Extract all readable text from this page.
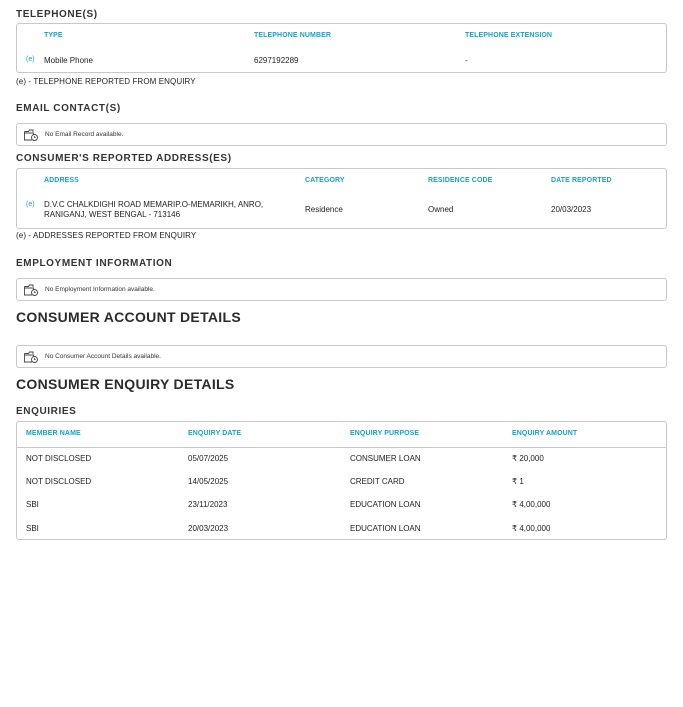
TELEPHONE(S)
TYPE	TELEPHONE NUMBER	TELEPHONE EXTENSION
(e) Mobile Phone	6297192289	-
(e) - TELEPHONE REPORTED FROM ENQUIRY
EMAIL CONTACT(S)
No Email Record available.
CONSUMER'S REPORTED ADDRESS(ES)
ADDRESS	CATEGORY	RESIDENCE CODE	DATE REPORTED
(e) D.V.C CHALKDIGHI ROAD MEMARIP.O-MEMARIKH, ANRO,
RANIGANJ, WEST BENGAL - 713146
Residence	Owned	20/03/2023
(e) - ADDRESSES REPORTED FROM ENQUIRY
EMPLOYMENT INFORMATION
No Employment Information available.
CONSUMER ACCOUNT DETAILS
No Consumer Account Details available.
CONSUMER ENQUIRY DETAILS
ENQUIRIES
MEMBER NAME	ENQUIRY DATE	ENQUIRY PURPOSE	ENQUIRY AMOUNT
NOT DISCLOSED	05/07/2025	CONSUMER LOAN	₹ 20,000
NOT DISCLOSED	14/05/2025	CREDIT CARD	₹ 1
SBI	23/11/2023	EDUCATION LOAN	₹ 4,00,000
SBI	20/03/2023	EDUCATION LOAN	₹ 4,00,000
